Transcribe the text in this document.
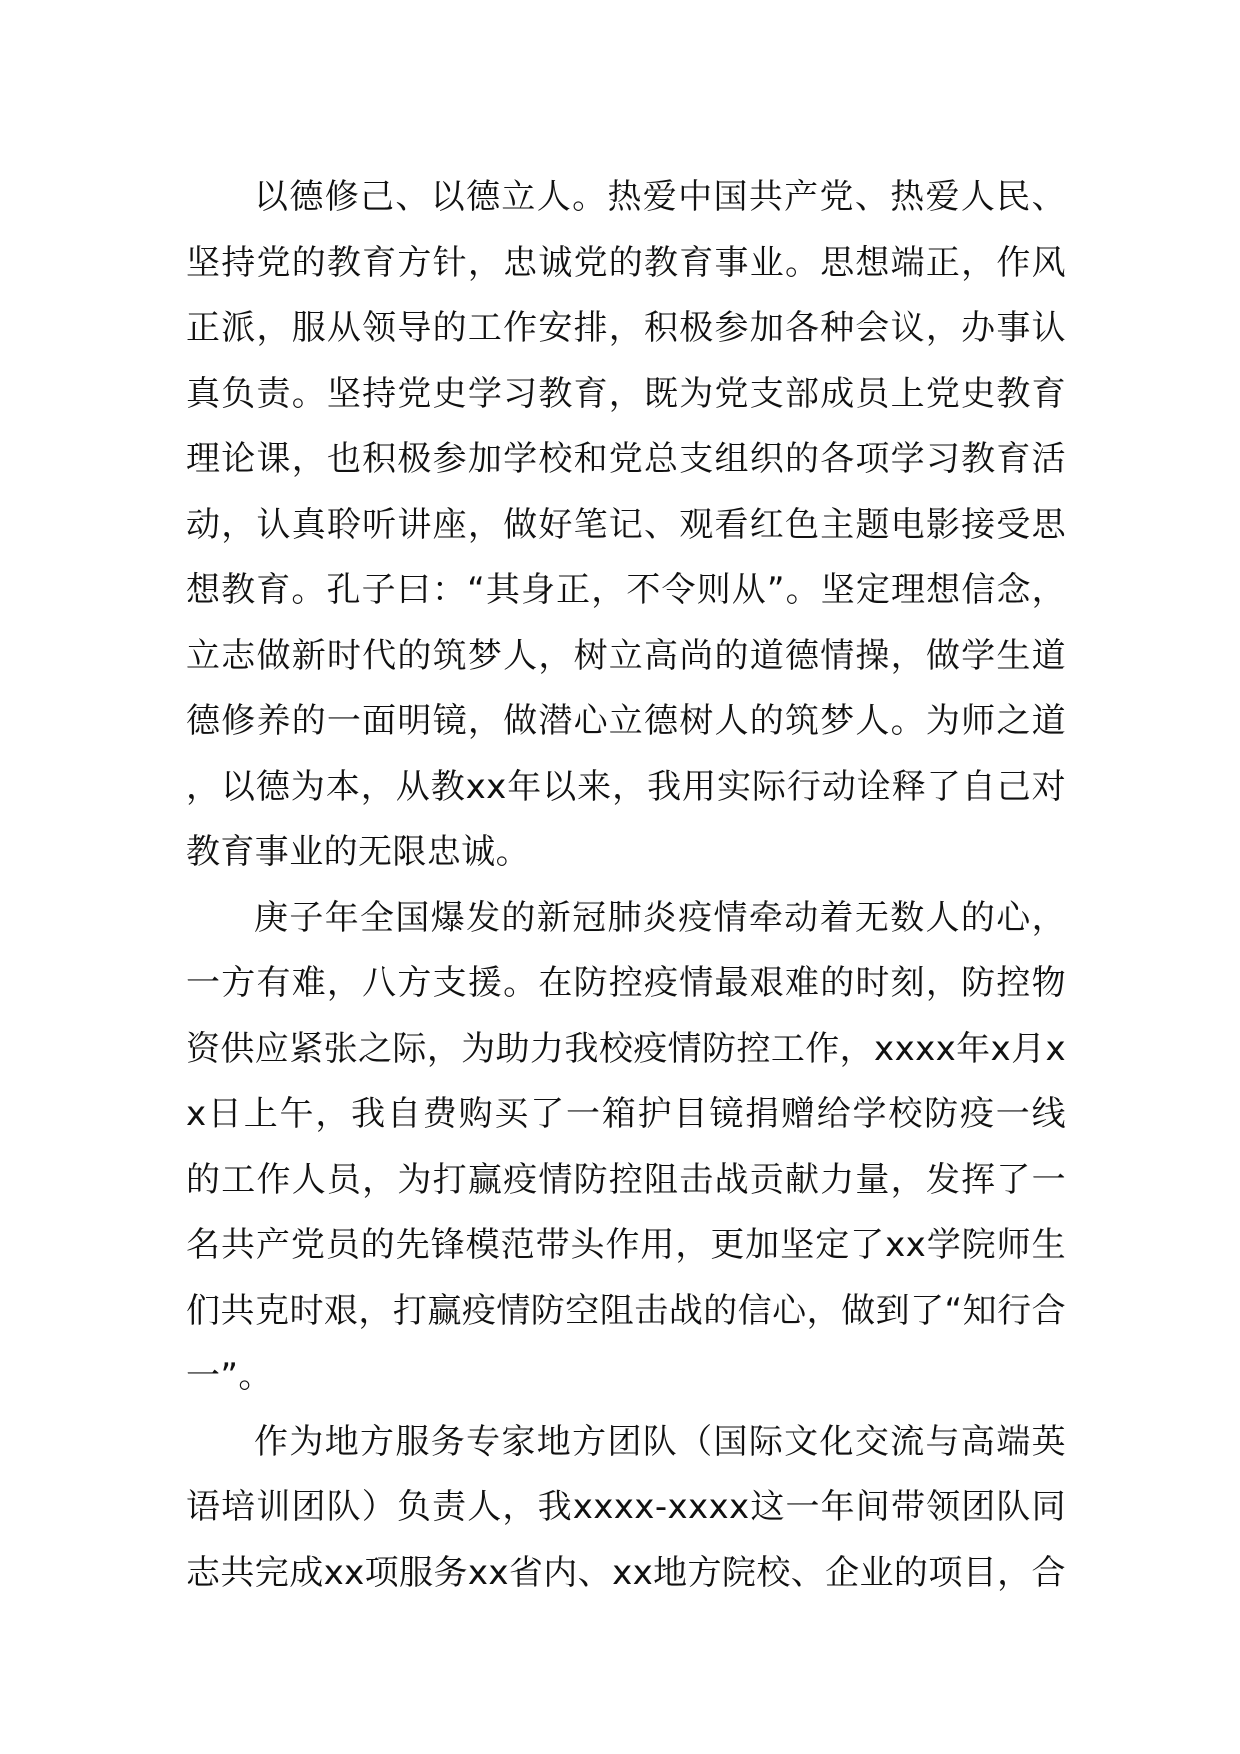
以德修己、以德立人。热爱中国共产党、热爱人民、坚持党的教育方针，忠诚党的教育事业。思想端正，作风正派，服从领导的工作安排，积极参加各种会议，办事认真负责。坚持党史学习教育，既为党支部成员上党史教育理论课，也积极参加学校和党总支组织的各项学习教育活动，认真聆听讲座，做好笔记、观看红色主题电影接受思想教育。孔子曰：“其身正，不令则从”。坚定理想信念，立志做新时代的筑梦人，树立高尚的道德情操，做学生道德修养的一面明镜，做潜心立德树人的筑梦人。为师之道，以德为本，从教xx年以来，我用实际行动诠释了自己对教育事业的无限忠诚。

庚子年全国爆发的新冠肺炎疫情牵动着无数人的心，一方有难，八方支援。在防控疫情最艰难的时刻，防控物资供应紧张之际，为助力我校疫情防控工作，xxxx年x月xx日上午，我自费购买了一箱护目镜捐赠给学校防疫一线的工作人员，为打赢疫情防控阻击战贡献力量，发挥了一名共产党员的先锋模范带头作用，更加坚定了xx学院师生们共克时艰，打赢疫情防空阻击战的信心，做到了“知行合一”。

作为地方服务专家地方团队（国际文化交流与高端英语培训团队）负责人，我xxxx-xxxx这一年间带领团队同志共完成xx项服务xx省内、xx地方院校、企业的项目，合
